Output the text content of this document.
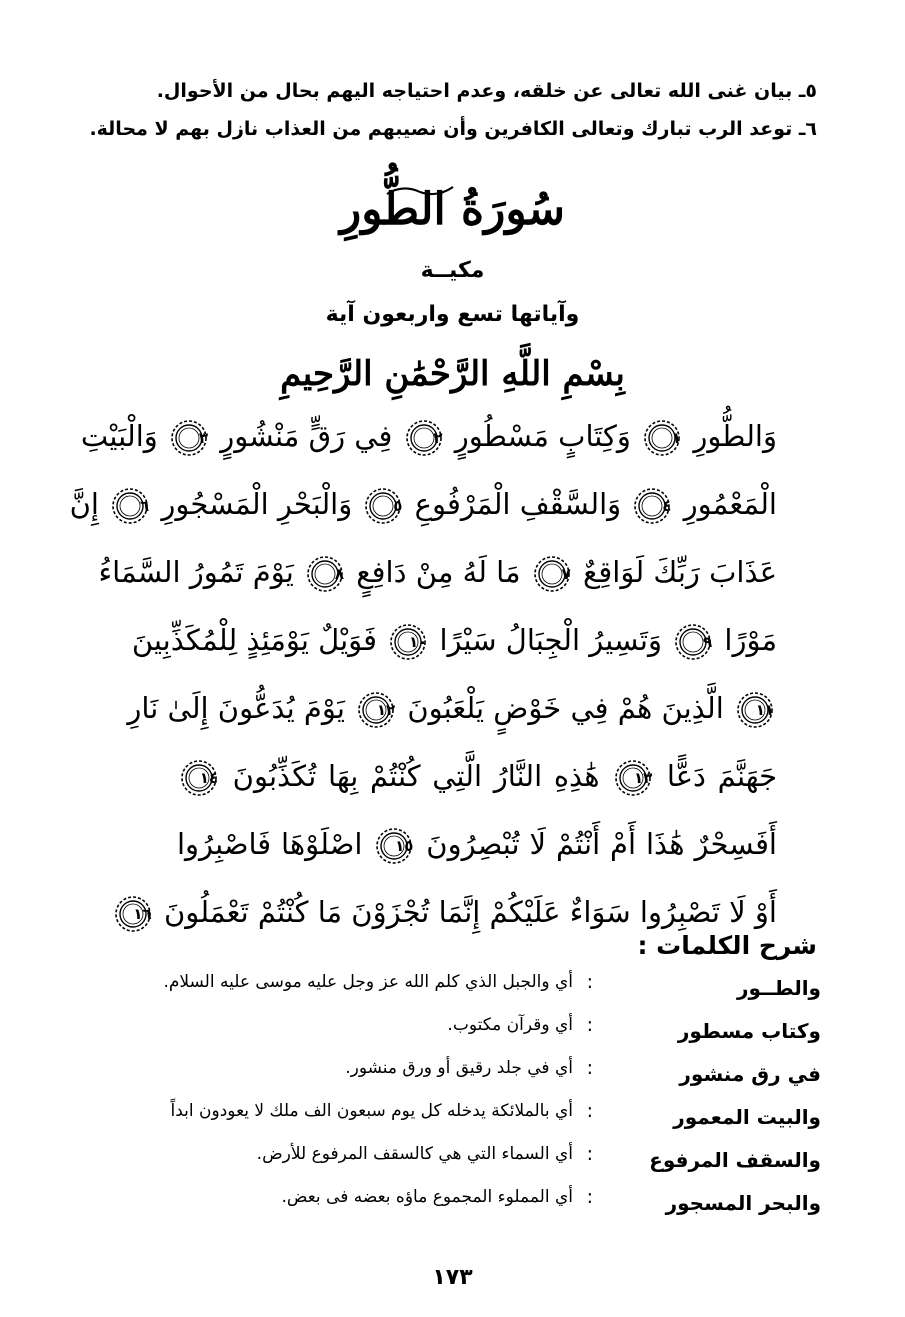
٥ـ بيان غنى الله تعالى عن خلقه، وعدم احتياجه اليهم بحال من الأحوال.
٦ـ توعد الرب تبارك وتعالى الكافرين وأن نصيبهم من العذاب نازل بهم لا محالة.
سُورَةُ الطُّورِ
مكيــة
وآياتها تسع واربعون آية
بِسْمِ اللَّهِ الرَّحْمَٰنِ الرَّحِيمِ
وَالطُّورِ
١ وَكِتَابٍ مَسْطُورٍ
٢ فِي رَقٍّ مَنْشُورٍ
٣ وَالْبَيْتِ
الْمَعْمُورِ
٤ وَالسَّقْفِ الْمَرْفُوعِ
٥ وَالْبَحْرِ الْمَسْجُورِ
٦ إِنَّ
عَذَابَ رَبِّكَ لَوَاقِعٌ
٧ مَا لَهُ مِنْ دَافِعٍ
٨ يَوْمَ تَمُورُ السَّمَاءُ
مَوْرًا
٩ وَتَسِيرُ الْجِبَالُ سَيْرًا
١٠ فَوَيْلٌ يَوْمَئِذٍ لِلْمُكَذِّبِينَ
١١ الَّذِينَ هُمْ فِي خَوْضٍ يَلْعَبُونَ
١٢ يَوْمَ يُدَعُّونَ إِلَىٰ نَارِ
جَهَنَّمَ دَعًّا
١٣ هَٰذِهِ النَّارُ الَّتِي كُنْتُمْ بِهَا تُكَذِّبُونَ
١٤
أَفَسِحْرٌ هَٰذَا أَمْ أَنْتُمْ لَا تُبْصِرُونَ
١٥ اصْلَوْهَا فَاصْبِرُوا
أَوْ لَا تَصْبِرُوا سَوَاءٌ عَلَيْكُمْ إِنَّمَا تُجْزَوْنَ مَا كُنْتُمْ تَعْمَلُونَ
١٦
شرح الكلمات :
والطــور
:
أي والجبل الذي كلم الله عز وجل عليه موسى عليه السلام.
وكتاب مسطور
:
أي وقرآن مكتوب.
في رق منشور
:
أي في جلد رقيق أو ورق منشور.
والبيت المعمور
:
أي بالملائكة يدخله كل يوم سبعون الف ملك لا يعودون ابداً
والسقف المرفوع
:
أي السماء التي هي كالسقف المرفوع للأرض.
والبحر المسجور
:
أي المملوء المجموع ماؤه بعضه فى بعض.
١٧٣
